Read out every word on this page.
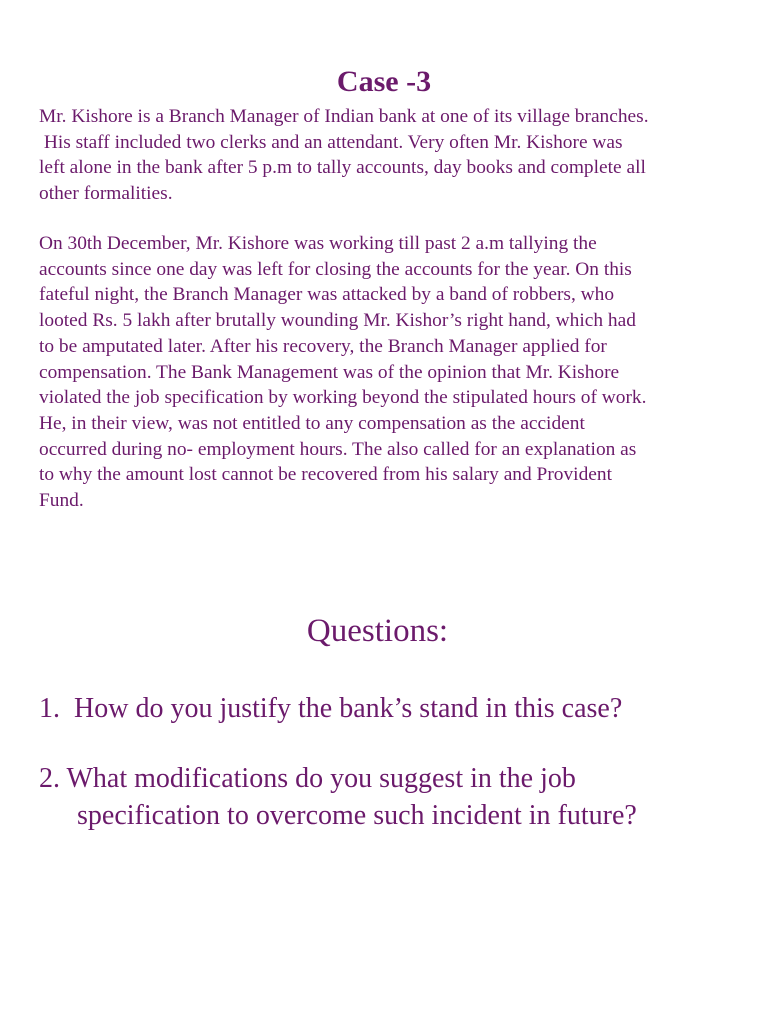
Case -3
Mr. Kishore is a Branch Manager of Indian bank at one of its village branches.
His staff included two clerks and an attendant. Very often Mr. Kishore was
left alone in the bank after 5 p.m to tally accounts, day books and complete all
other formalities.
On 30th December, Mr. Kishore was working till past 2 a.m tallying the
accounts since one day was left for closing the accounts for the year. On this
fateful night, the Branch Manager was attacked by a band of robbers, who
looted Rs. 5 lakh after brutally wounding Mr. Kishor’s right hand, which had
to be amputated later. After his recovery, the Branch Manager applied for
compensation. The Bank Management was of the opinion that Mr. Kishore
violated the job specification by working beyond the stipulated hours of work.
He, in their view, was not entitled to any compensation as the accident
occurred during no- employment hours. The also called for an explanation as
to why the amount lost cannot be recovered from his salary and Provident
Fund.
Questions:
1.  How do you justify the bank’s stand in this case?
2. What modifications do you suggest in the job
specification to overcome such incident in future?
